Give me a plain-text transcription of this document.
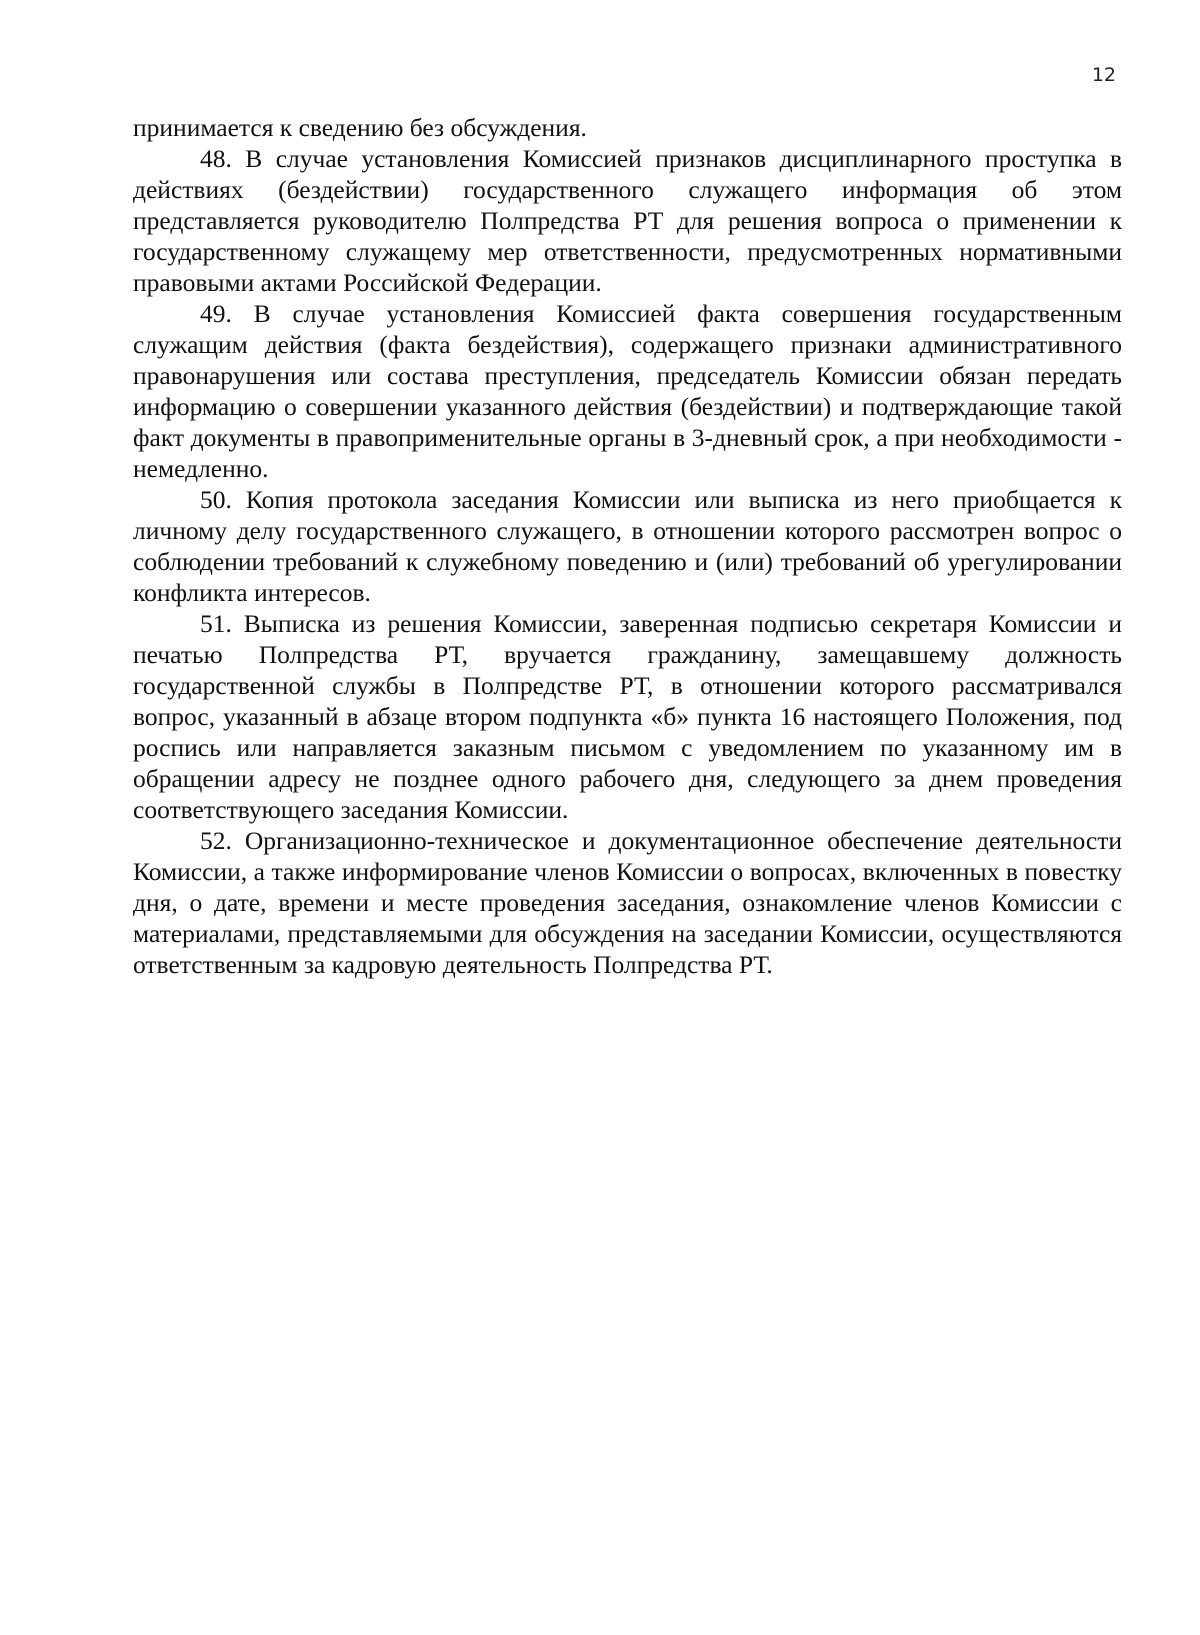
12

принимается к сведению без обсуждения.

48. В случае установления Комиссией признаков дисциплинарного проступка в действиях (бездействии) государственного служащего информация об этом представляется руководителю Полпредства РТ для решения вопроса о применении к государственному служащему мер ответственности, предусмотренных нормативными правовыми актами Российской Федерации.

49. В случае установления Комиссией факта совершения государственным служащим действия (факта бездействия), содержащего признаки административного правонарушения или состава преступления, председатель Комиссии обязан передать информацию о совершении указанного действия (бездействии) и подтверждающие такой факт документы в правоприменительные органы в 3-дневный срок, а при необходимости - немедленно.

50. Копия протокола заседания Комиссии или выписка из него приобщается к личному делу государственного служащего, в отношении которого рассмотрен вопрос о соблюдении требований к служебному поведению и (или) требований об урегулировании конфликта интересов.

51. Выписка из решения Комиссии, заверенная подписью секретаря Комиссии и печатью Полпредства РТ, вручается гражданину, замещавшему должность государственной службы в Полпредстве РТ, в отношении которого рассматривался вопрос, указанный в абзаце втором подпункта «б» пункта 16 настоящего Положения, под роспись или направляется заказным письмом с уведомлением по указанному им в обращении адресу не позднее одного рабочего дня, следующего за днем проведения соответствующего заседания Комиссии.

52. Организационно-техническое и документационное обеспечение деятельности Комиссии, а также информирование членов Комиссии о вопросах, включенных в повестку дня, о дате, времени и месте проведения заседания, ознакомление членов Комиссии с материалами, представляемыми для обсуждения на заседании Комиссии, осуществляются ответственным за кадровую деятельность Полпредства РТ.
